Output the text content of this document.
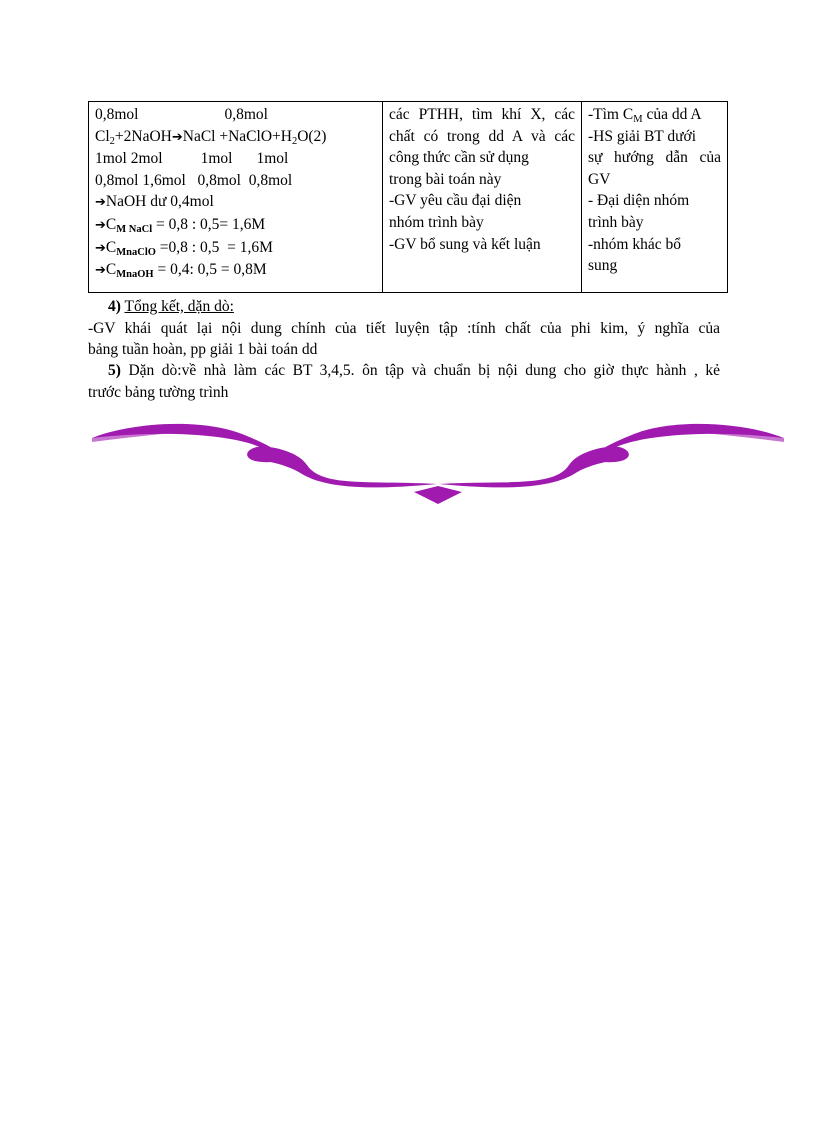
0,8mol	0,8mol
$Cl_2+2NaOH➔NaCl$ $+NaClO+H_2O(2)$
1mol 2mol 1mol 1mol
0,8mol 1,6mol   0,8mol  0,8mol
➔NaOH dư 0,4mol
$➔C_{M NaCl} = 0,8$ : 0,5= 1,6M
$➔C_{MnaClO} =0,8$ : 0,5  = 1,6M
$➔C_{MnaOH} = 0,4$: 0,5 = 0,8M
các PTHH, tìm khí X, các
chất có trong dd A và các
công thức cần sử dụng
trong bài toán này
-GV yêu cầu đại diện
nhóm trình bày
-GV bổ sung và kết luận
-Tìm $C_M$ của dd A
-HS giải BT dưới
sự hướng dẫn của
GV
- Đại diện nhóm
trình bày
-nhóm khác bổ
sung
4) Tổng kết, dặn dò:
-GV khái quát lại nội dung chính của tiết luyện tập :tính chất của phi kim, ý nghĩa của
bảng tuần hoàn, pp giải 1 bài toán dd
5) Dặn dò:về nhà làm các BT 3,4,5. ôn tập và chuẩn bị nội dung cho giờ thực hành , kẻ
trước bảng tường trình
